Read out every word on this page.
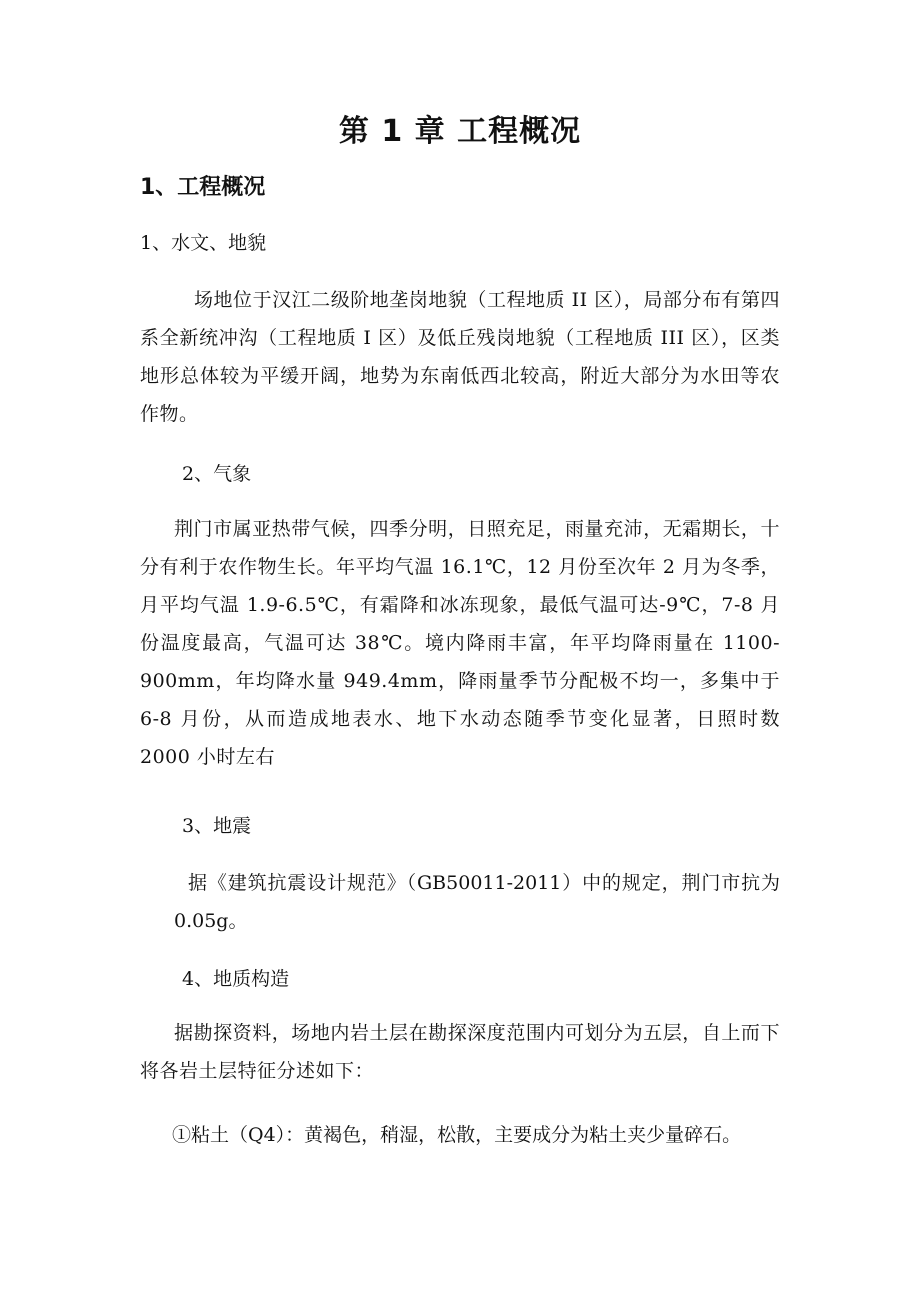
第 1 章 工程概况
1、工程概况

1、水文、地貌

场地位于汉江二级阶地垄岗地貌（工程地质 II 区），局部分布有第四系全新统冲沟（工程地质 I 区）及低丘残岗地貌（工程地质 III 区），区类地形总体较为平缓开阔，地势为东南低西北较高，附近大部分为水田等农作物。

2、气象

荆门市属亚热带气候，四季分明，日照充足，雨量充沛，无霜期长，十分有利于农作物生长。年平均气温 16.1℃，12 月份至次年 2 月为冬季，月平均气温 1.9-6.5℃，有霜降和冰冻现象，最低气温可达-9℃，7-8 月份温度最高，气温可达 38℃。境内降雨丰富，年平均降雨量在 1100-900mm，年均降水量 949.4mm，降雨量季节分配极不均一，多集中于 6-8 月份，从而造成地表水、地下水动态随季节变化显著，日照时数 2000 小时左右

3、地震

据《建筑抗震设计规范》（GB50011-2011）中的规定，荆门市抗为 0.05g。

4、地质构造

据勘探资料，场地内岩土层在勘探深度范围内可划分为五层，自上而下将各岩土层特征分述如下：

①粘土（Q4）：黄褐色，稍湿，松散，主要成分为粘土夹少量碎石。
